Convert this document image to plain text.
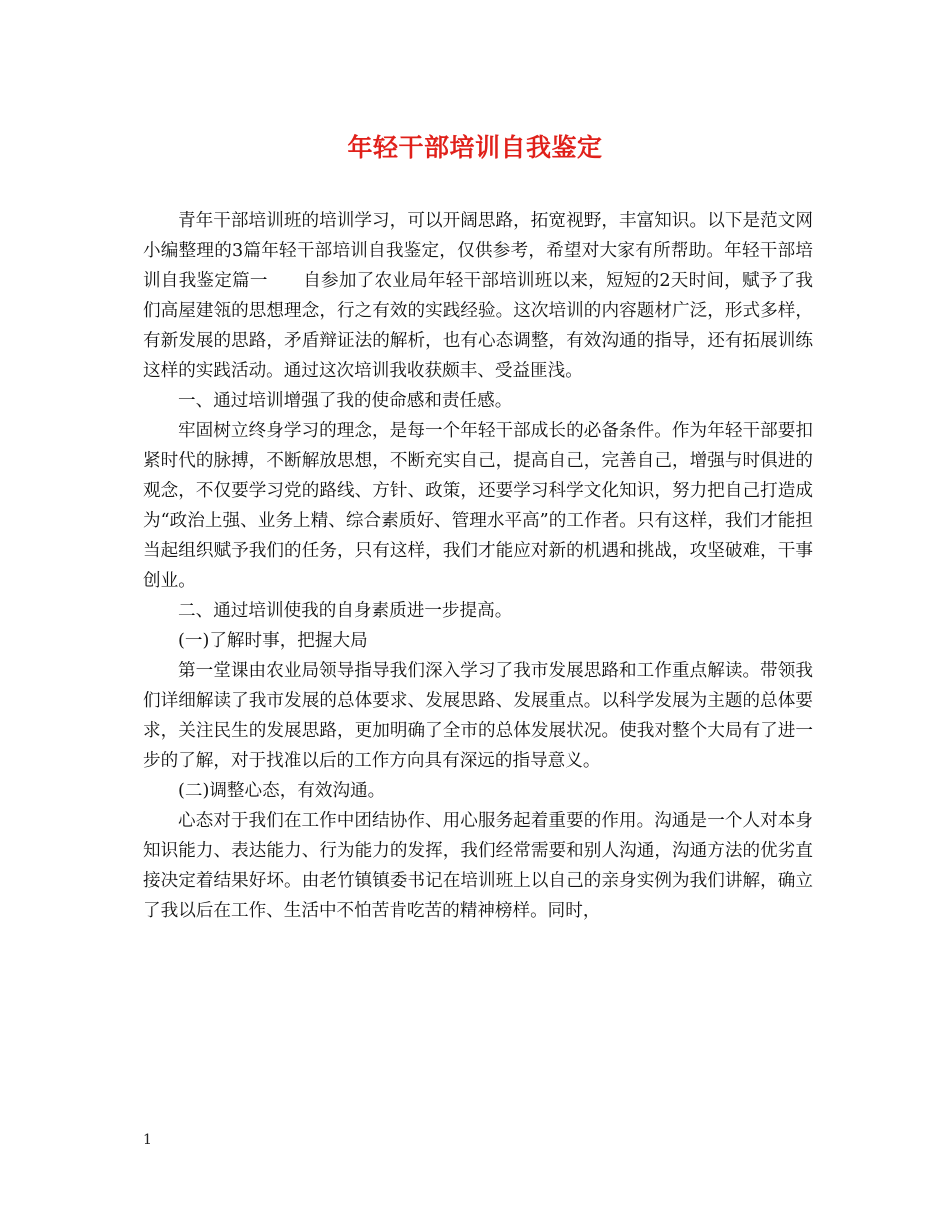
年轻干部培训自我鉴定

青年干部培训班的培训学习，可以开阔思路，拓宽视野，丰富知识。以下是范文网小编整理的3篇年轻干部培训自我鉴定，仅供参考，希望对大家有所帮助。年轻干部培训自我鉴定篇一　　自参加了农业局年轻干部培训班以来，短短的2天时间，赋予了我们高屋建瓴的思想理念，行之有效的实践经验。这次培训的内容题材广泛，形式多样，有新发展的思路，矛盾辩证法的解析，也有心态调整，有效沟通的指导，还有拓展训练这样的实践活动。通过这次培训我收获颇丰、受益匪浅。

一、通过培训增强了我的使命感和责任感。

牢固树立终身学习的理念，是每一个年轻干部成长的必备条件。作为年轻干部要扣紧时代的脉搏，不断解放思想，不断充实自己，提高自己，完善自己，增强与时俱进的观念，不仅要学习党的路线、方针、政策，还要学习科学文化知识，努力把自己打造成为“政治上强、业务上精、综合素质好、管理水平高”的工作者。只有这样，我们才能担当起组织赋予我们的任务，只有这样，我们才能应对新的机遇和挑战，攻坚破难，干事创业。

二、通过培训使我的自身素质进一步提高。

(一)了解时事，把握大局

第一堂课由农业局领导指导我们深入学习了我市发展思路和工作重点解读。带领我们详细解读了我市发展的总体要求、发展思路、发展重点。以科学发展为主题的总体要求，关注民生的发展思路，更加明确了全市的总体发展状况。使我对整个大局有了进一步的了解，对于找准以后的工作方向具有深远的指导意义。

(二)调整心态，有效沟通。

心态对于我们在工作中团结协作、用心服务起着重要的作用。沟通是一个人对本身知识能力、表达能力、行为能力的发挥，我们经常需要和别人沟通，沟通方法的优劣直接决定着结果好坏。由老竹镇镇委书记在培训班上以自己的亲身实例为我们讲解，确立了我以后在工作、生活中不怕苦肯吃苦的精神榜样。同时，

1
